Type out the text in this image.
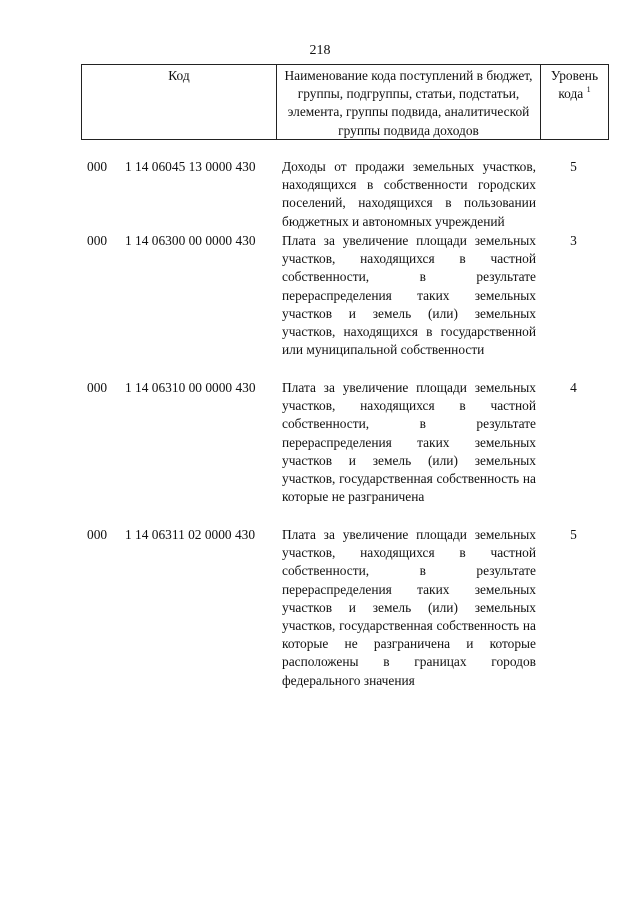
218
Код	Наименование кода поступлений в бюджет, группы, подгруппы, статьи, подстатьи, элемента, группы подвида, аналитической группы подвида доходов
Уровень кода $^1$
000 1 14 06045 13 0000 430 Доходы от продажи земельных участков, находящихся в собственности городских поселений, находящихся в пользовании бюджетных и автономных учреждений
5
000 1 14 06300 00 0000 430 Плата за увеличение площади земельных участков, находящихся в частной собственности, в результате перераспределения таких земельных участков и земель (или) земельных участков, находящихся в государственной или муниципальной собственности
3
000 1 14 06310 00 0000 430 Плата за увеличение площади земельных участков, находящихся в частной собственности, в результате перераспределения таких земельных участков и земель (или) земельных участков, государственная собственность на которые не разграничена
4
000 1 14 06311 02 0000 430 Плата за увеличение площади земельных участков, находящихся в частной собственности, в результате перераспределения таких земельных участков и земель (или) земельных участков, государственная собственность на которые не разграничена и которые расположены в границах городов федерального значения
5
